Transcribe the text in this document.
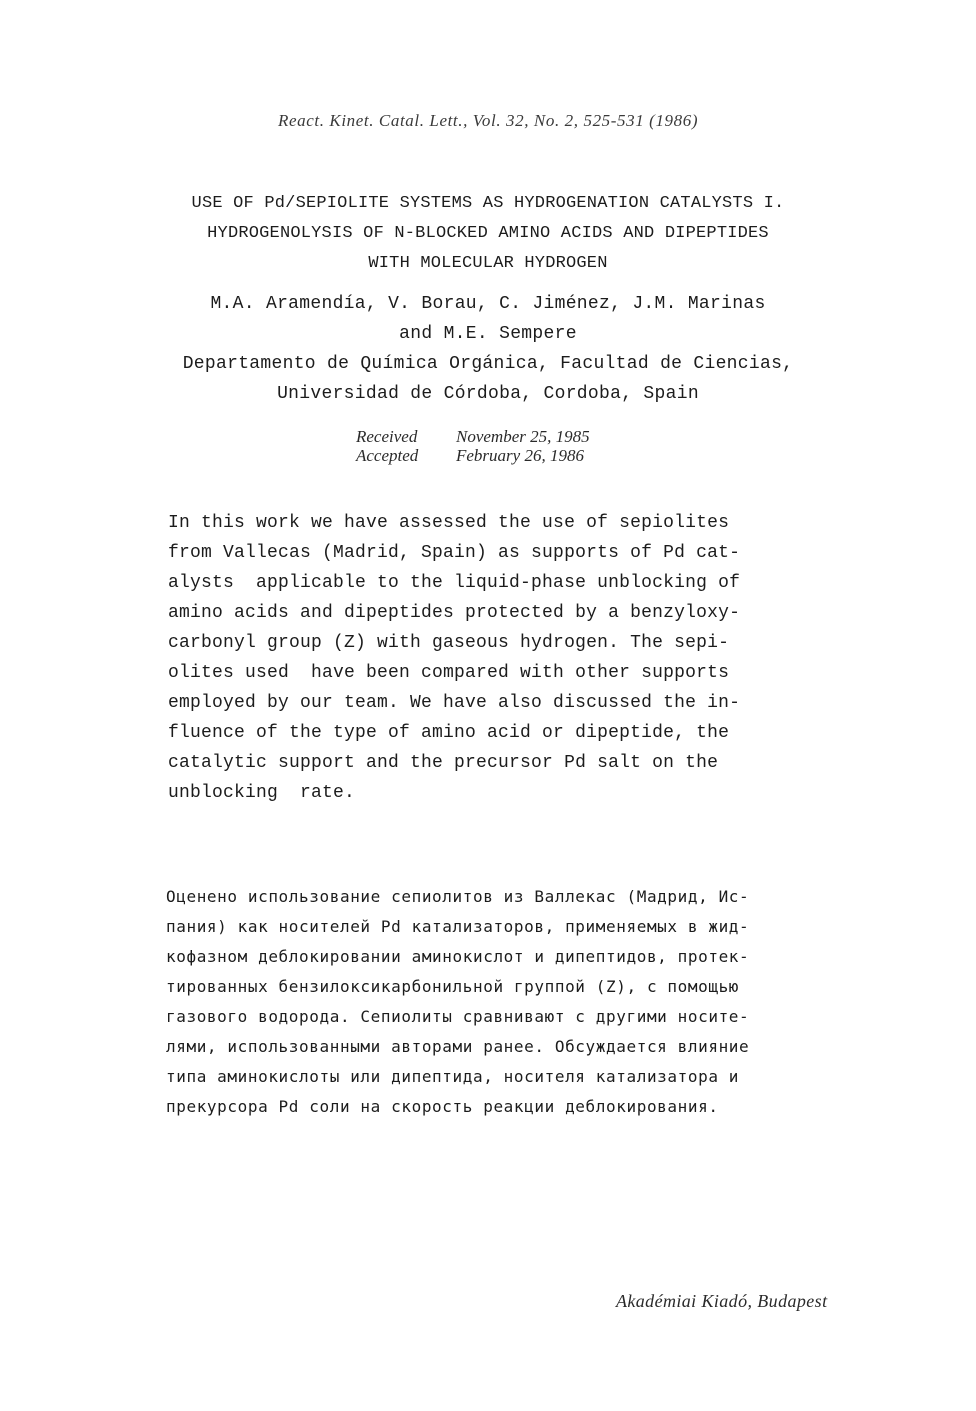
React. Kinet. Catal. Lett., Vol. 32, No. 2, 525-531 (1986)
USE OF Pd/SEPIOLITE SYSTEMS AS HYDROGENATION CATALYSTS I.
HYDROGENOLYSIS OF N-BLOCKED AMINO ACIDS AND DIPEPTIDES
WITH MOLECULAR HYDROGEN
M.A. Aramendía, V. Borau, C. Jiménez, J.M. Marinas
and M.E. Sempere
Departamento de Química Orgánica, Facultad de Ciencias,
Universidad de Córdoba, Cordoba, Spain
Received November 25, 1985
Accepted February 26, 1986
In this work we have assessed the use of sepiolites
from Vallecas (Madrid, Spain) as supports of Pd cat-
alysts  applicable to the liquid-phase unblocking of
amino acids and dipeptides protected by a benzyloxy-
carbonyl group (Z) with gaseous hydrogen. The sepi-
olites used  have been compared with other supports
employed by our team. We have also discussed the in-
fluence of the type of amino acid or dipeptide, the
catalytic support and the precursor Pd salt on the
unblocking  rate.
Оценено использование сепиолитов из Валлекас (Мадрид, Ис-
пания) как носителей Pd катализаторов, применяемых в жид-
кофазном деблокировании аминокислот и дипептидов, протек-
тированных бензилоксикарбонильной группой (Z), с помощью
газового водорода. Сепиолиты сравнивают с другими носите-
лями, использованными авторами ранее. Обсуждается влияние
типа аминокислоты или дипептида, носителя катализатора и
прекурсора Pd соли на скорость реакции деблокирования.
Akadémiai Kiadó, Budapest
